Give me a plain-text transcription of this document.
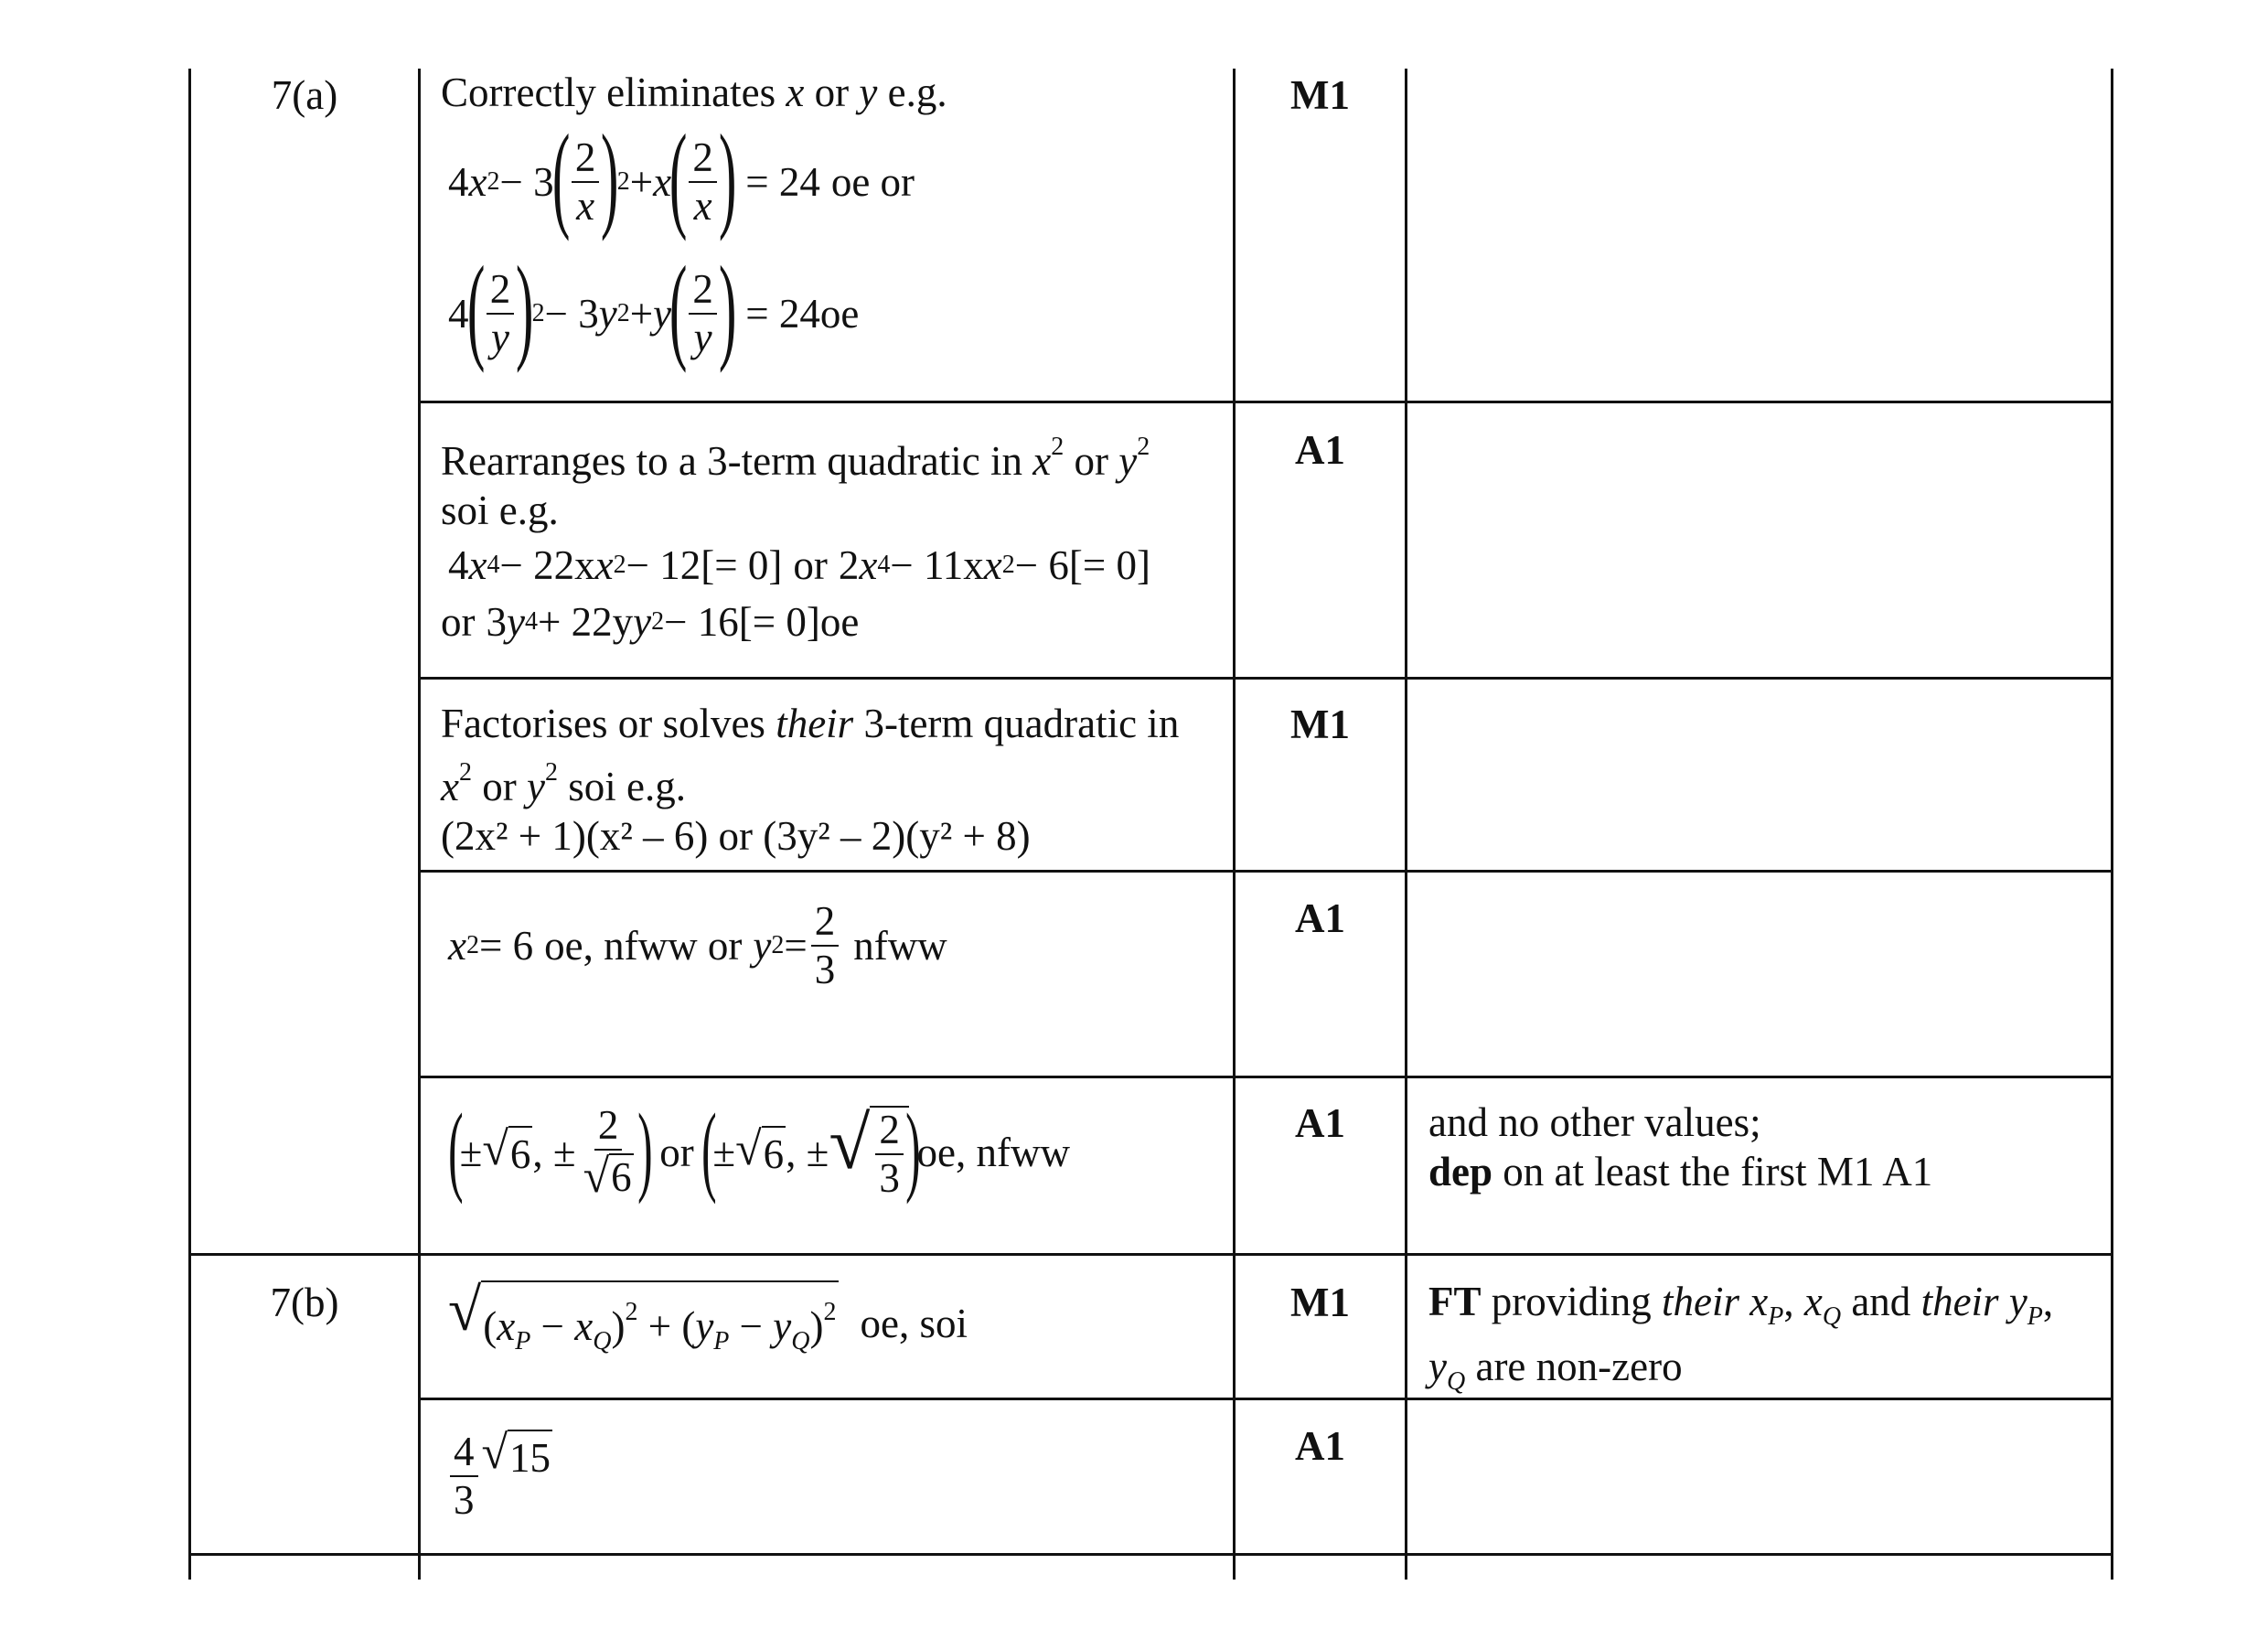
7(a)
7(b)
M1
A1
M1
A1
A1
M1
A1
Correctly eliminates x or y e.g.
4 x 2 − 3
( $\frac{2}{x}$ )
2 + x
( $\frac{2}{x}$ ) = 24 oe or

4
( $\frac{2}{y}$ )
2 − 3 y 2 + y
( $\frac{2}{y}$ ) = 24 oe
Rearranges to a 3-term quadratic in $x^2$ or $y^2$
soi e.g.
4 x 4 − 22x x 2 − 12[= 0] or 2 x 4 − 11x x 2 − 6[= 0]

or 3 y 4 + 22y y 2 − 16[= 0] oe
Factorises or solves their 3-term quadratic in
$x^2$ or $y^2$ soi e.g.
(2x² + 1)(x² – 6) or (3y² – 2)(y² + 8)
x 2 = 6 oe, nfww or y $2 = \frac{2}{3}$ nfww
(
± √ 6 , ± $\frac{2}{√ 6}$ ) or (
± √ 6 , ± √ $\frac{2}{3}$ )
oe, nfww
and no other values;
dep on at least the first M1 A1
√ $(x_P - x_Q)^2 + (y_P - y_Q)^2$ oe, soi	FT providing their $x_P$, $x_Q$ and their $y_P$,
$y_Q$ are non-zero
$\frac{4}{3}$ √ 15
